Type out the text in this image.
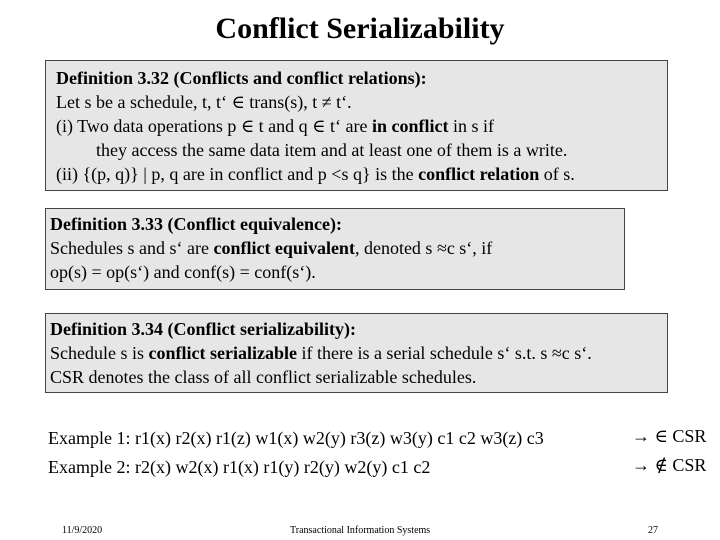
Conflict Serializability
Definition 3.32 (Conflicts and conflict relations):
Let s be a schedule, t, t‘ ∈ trans(s), t ≠ t‘.
(i) Two data operations p ∈ t and q ∈ t‘ are in conflict in s if
they access the same data item and at least one of them is a write.
(ii) {(p, q)} | p, q are in conflict and p <s q} is the conflict relation of s.
Definition 3.33 (Conflict equivalence):
Schedules s and s‘ are conflict equivalent, denoted s ≈c s‘, if
op(s) = op(s‘) and conf(s) = conf(s‘).
Definition 3.34 (Conflict serializability):
Schedule s is conflict serializable if there is a serial schedule s‘ s.t. s ≈c s‘.
CSR denotes the class of all conflict serializable schedules.
Example 1: r1(x) r2(x) r1(z) w1(x) w2(y) r3(z) w3(y) c1 c2 w3(z) c3	→ ∈ CSR
Example 2: r2(x) w2(x) r1(x) r1(y) r2(y) w2(y) c1 c2	→ ∉ CSR
11/9/2020	Transactional Information Systems	27
